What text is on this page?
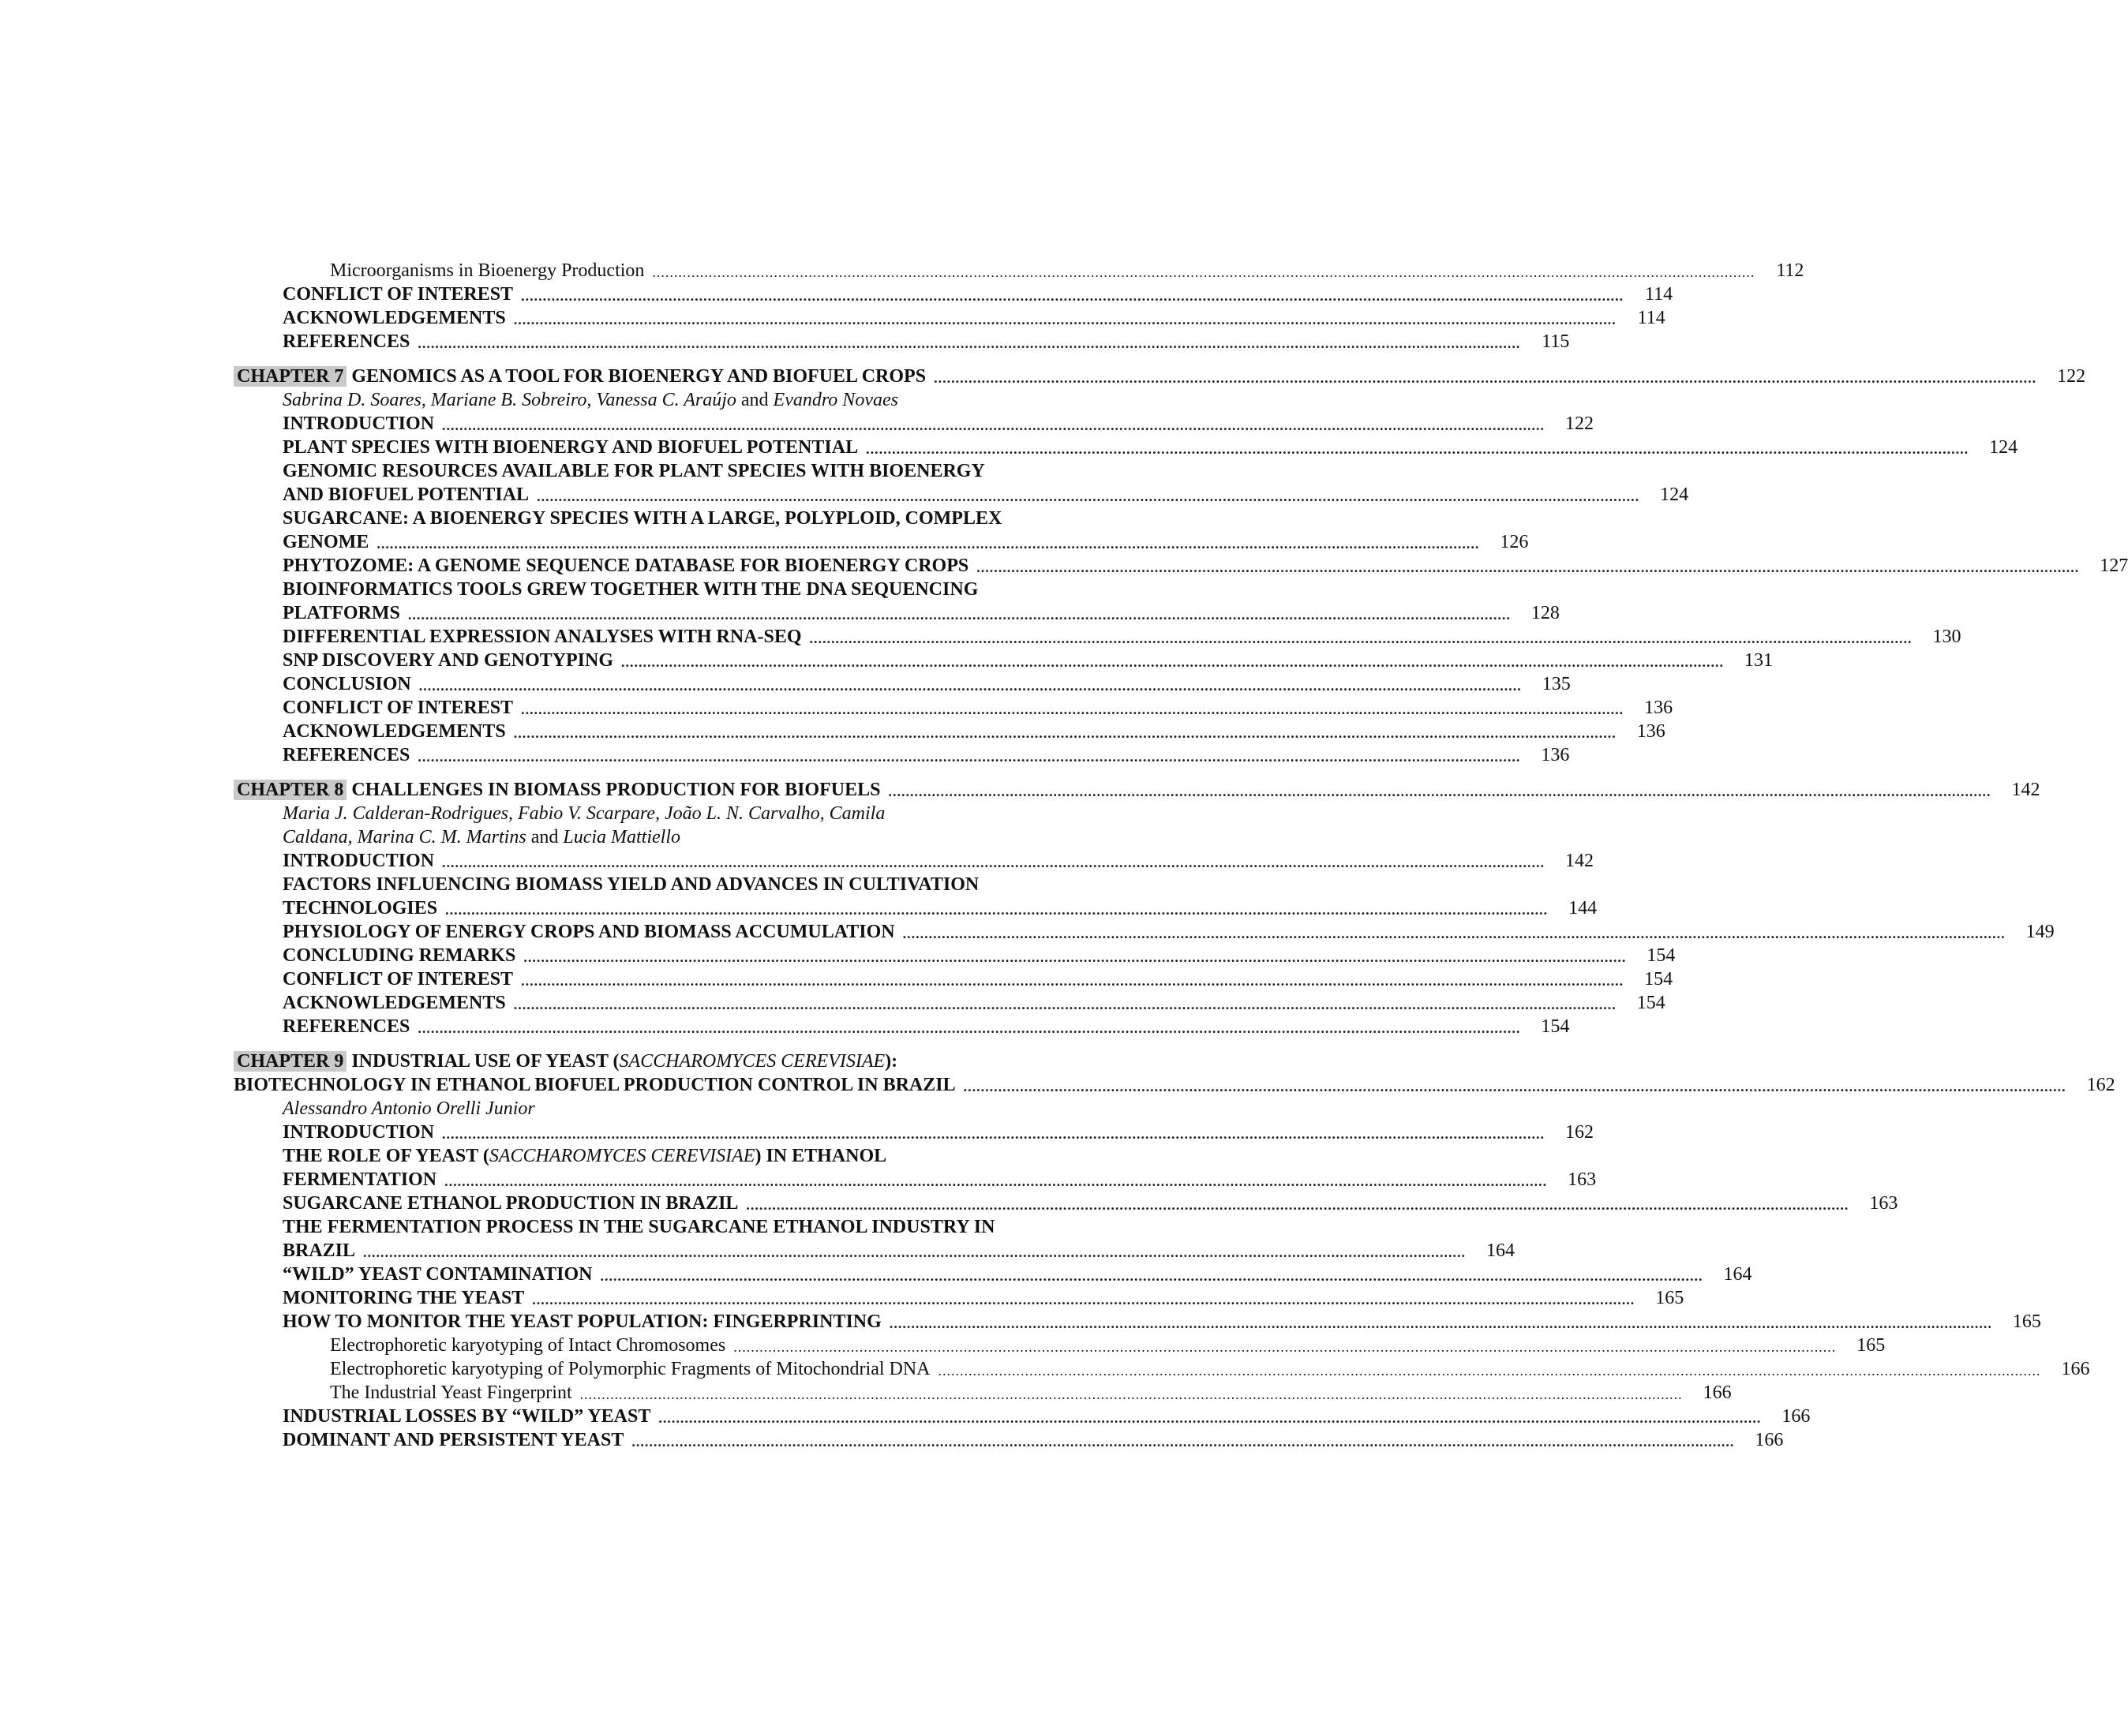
Microorganisms in Bioenergy Production ..............................................................................................................................................................................................................................................................	112
CONFLICT OF INTEREST ..............................................................................................................................................................................................................................................................	114
ACKNOWLEDGEMENTS ..............................................................................................................................................................................................................................................................	114
REFERENCES ..............................................................................................................................................................................................................................................................	115
CHAPTER 7 GENOMICS AS A TOOL FOR BIOENERGY AND BIOFUEL CROPS ..............................................................................................................................................................................................................................................................	122
Sabrina D. Soares, Mariane B. Sobreiro, Vanessa C. Araújo and Evandro Novaes
INTRODUCTION ..............................................................................................................................................................................................................................................................	122
PLANT SPECIES WITH BIOENERGY AND BIOFUEL POTENTIAL ..............................................................................................................................................................................................................................................................	124
GENOMIC RESOURCES AVAILABLE FOR PLANT SPECIES WITH BIOENERGY
AND BIOFUEL POTENTIAL ..............................................................................................................................................................................................................................................................	124
SUGARCANE: A BIOENERGY SPECIES WITH A LARGE, POLYPLOID, COMPLEX
GENOME ..............................................................................................................................................................................................................................................................	126
PHYTOZOME: A GENOME SEQUENCE DATABASE FOR BIOENERGY CROPS ..............................................................................................................................................................................................................................................................	127
BIOINFORMATICS TOOLS GREW TOGETHER WITH THE DNA SEQUENCING
PLATFORMS ..............................................................................................................................................................................................................................................................	128
DIFFERENTIAL EXPRESSION ANALYSES WITH RNA-SEQ ..............................................................................................................................................................................................................................................................	130
SNP DISCOVERY AND GENOTYPING ..............................................................................................................................................................................................................................................................	131
CONCLUSION ..............................................................................................................................................................................................................................................................	135
CONFLICT OF INTEREST ..............................................................................................................................................................................................................................................................	136
ACKNOWLEDGEMENTS ..............................................................................................................................................................................................................................................................	136
REFERENCES ..............................................................................................................................................................................................................................................................	136
CHAPTER 8 CHALLENGES IN BIOMASS PRODUCTION FOR BIOFUELS ..............................................................................................................................................................................................................................................................	142
Maria J. Calderan-Rodrigues, Fabio V. Scarpare, João L. N. Carvalho, Camila
Caldana, Marina C. M. Martins and Lucia Mattiello
INTRODUCTION ..............................................................................................................................................................................................................................................................	142
FACTORS INFLUENCING BIOMASS YIELD AND ADVANCES IN CULTIVATION
TECHNOLOGIES ..............................................................................................................................................................................................................................................................	144
PHYSIOLOGY OF ENERGY CROPS AND BIOMASS ACCUMULATION ..............................................................................................................................................................................................................................................................	149
CONCLUDING REMARKS ..............................................................................................................................................................................................................................................................	154
CONFLICT OF INTEREST ..............................................................................................................................................................................................................................................................	154
ACKNOWLEDGEMENTS ..............................................................................................................................................................................................................................................................	154
REFERENCES ..............................................................................................................................................................................................................................................................	154
CHAPTER 9 INDUSTRIAL USE OF YEAST (SACCHAROMYCES CEREVISIAE):
BIOTECHNOLOGY IN ETHANOL BIOFUEL PRODUCTION CONTROL IN BRAZIL ..............................................................................................................................................................................................................................................................	162
Alessandro Antonio Orelli Junior
INTRODUCTION ..............................................................................................................................................................................................................................................................	162
THE ROLE OF YEAST (SACCHAROMYCES CEREVISIAE) IN ETHANOL
FERMENTATION ..............................................................................................................................................................................................................................................................	163
SUGARCANE ETHANOL PRODUCTION IN BRAZIL ..............................................................................................................................................................................................................................................................	163
THE FERMENTATION PROCESS IN THE SUGARCANE ETHANOL INDUSTRY IN
BRAZIL ..............................................................................................................................................................................................................................................................	164
“WILD” YEAST CONTAMINATION ..............................................................................................................................................................................................................................................................	164
MONITORING THE YEAST ..............................................................................................................................................................................................................................................................	165
HOW TO MONITOR THE YEAST POPULATION: FINGERPRINTING ..............................................................................................................................................................................................................................................................	165
Electrophoretic karyotyping of Intact Chromosomes ..............................................................................................................................................................................................................................................................	165
Electrophoretic karyotyping of Polymorphic Fragments of Mitochondrial DNA ..............................................................................................................................................................................................................................................................	166
The Industrial Yeast Fingerprint ..............................................................................................................................................................................................................................................................	166
INDUSTRIAL LOSSES BY “WILD” YEAST ..............................................................................................................................................................................................................................................................	166
DOMINANT AND PERSISTENT YEAST ..............................................................................................................................................................................................................................................................	166
